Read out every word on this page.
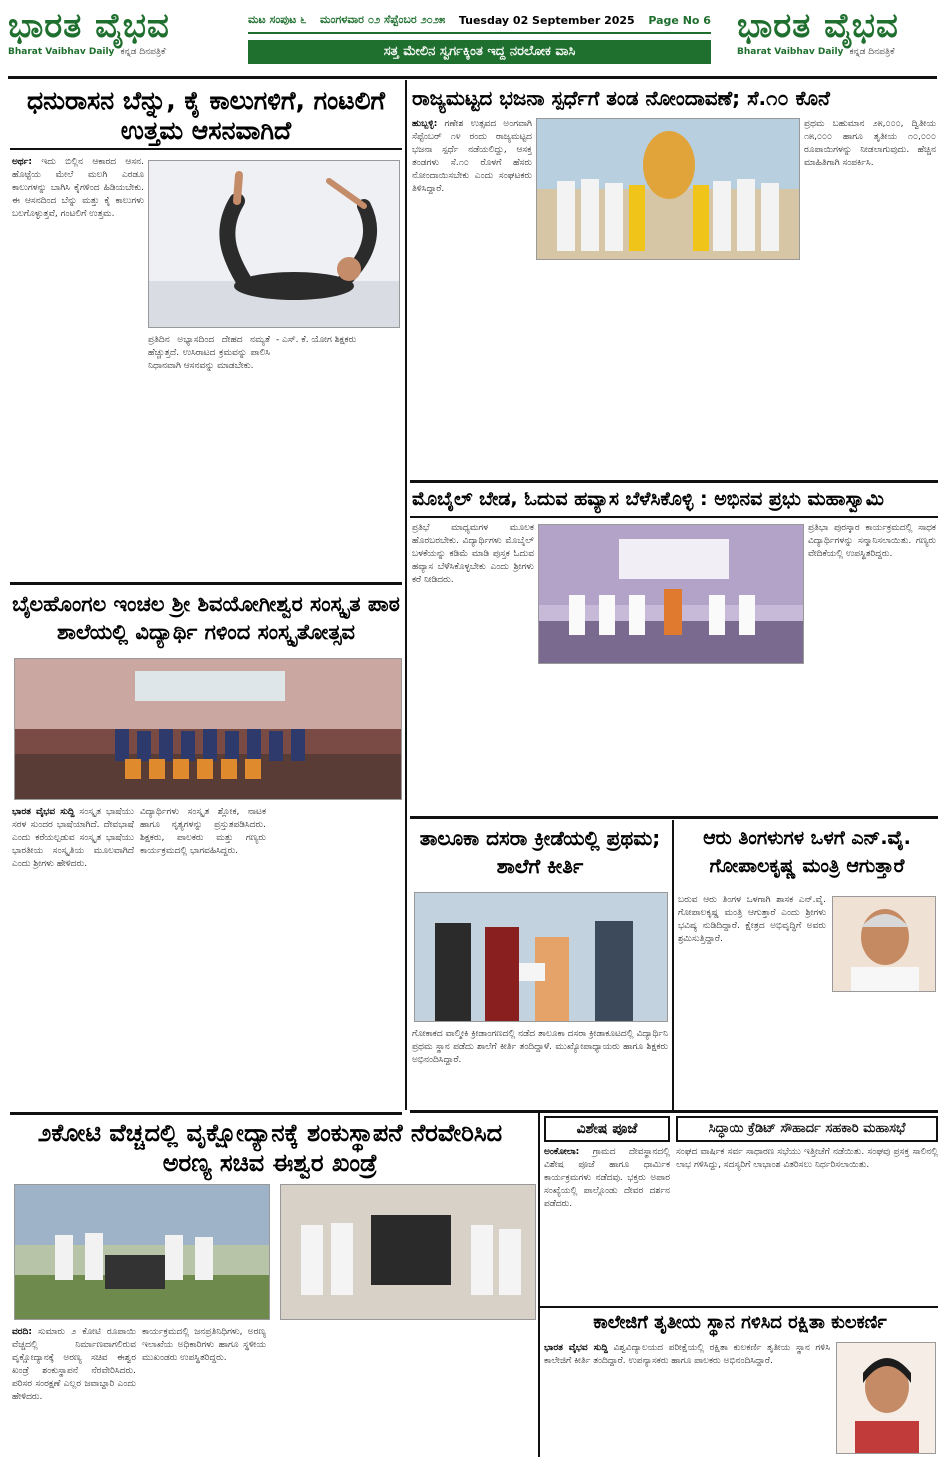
ಭಾರತ ವೈಭವ
Bharat Vaibhav Daily ಕನ್ನಡ ದಿನಪತ್ರಿಕೆ
ಮಟ ಸಂಪುಟ ೬ ಮಂಗಳವಾರ ೦೨ ಸೆಪ್ಟೆಂಬರ ೨೦೨೫ Tuesday 02 September 2025 Page No 6
ಸತ್ತ ಮೇಲಿನ ಸ್ವರ್ಗಕ್ಕಿಂತ ಇದ್ದ ನರಲೋಕ ವಾಸಿ
ಭಾರತ ವೈಭವ
Bharat Vaibhav Daily ಕನ್ನಡ ದಿನಪತ್ರಿಕೆ
ಧನುರಾಸನ ಬೆನ್ನು, ಕೈ ಕಾಲುಗಳಿಗೆ, ಗಂಟಲಿಗೆ ಉತ್ತಮ ಆಸನವಾಗಿದೆ
ಅರ್ಥ: ಇದು ಬಿಲ್ಲಿನ ಆಕಾರದ ಆಸನ. ಹೊಟ್ಟೆಯ ಮೇಲೆ ಮಲಗಿ ಎರಡೂ ಕಾಲುಗಳನ್ನು ಬಾಗಿಸಿ ಕೈಗಳಿಂದ ಹಿಡಿಯಬೇಕು. ಈ ಆಸನದಿಂದ ಬೆನ್ನು ಮತ್ತು ಕೈ ಕಾಲುಗಳು ಬಲಗೊಳ್ಳುತ್ತವೆ, ಗಂಟಲಿಗೆ ಉತ್ತಮ.
ಪ್ರತಿದಿನ ಅಭ್ಯಾಸದಿಂದ ದೇಹದ ನಮ್ಯತೆ ಹೆಚ್ಚುತ್ತದೆ. ಉಸಿರಾಟದ ಕ್ರಮವನ್ನು ಪಾಲಿಸಿ ನಿಧಾನವಾಗಿ ಆಸನವನ್ನು ಮಾಡಬೇಕು.
- ಎಸ್. ಕೆ. ಯೋಗ ಶಿಕ್ಷಕರು
ಬೈಲಹೊಂಗಲ ಇಂಚಲ ಶ್ರೀ ಶಿವಯೋಗೀಶ್ವರ ಸಂಸ್ಕೃತ ಪಾಠ ಶಾಲೆಯಲ್ಲಿ ವಿದ್ಯಾರ್ಥಿ ಗಳಿಂದ ಸಂಸ್ಕೃತೋತ್ಸವ
ಭಾರತ ವೈಭವ ಸುದ್ದಿ ಸಂಸ್ಕೃತ ಭಾಷೆಯು ಸರಳ ಸುಂದರ ಭಾಷೆಯಾಗಿದೆ. ದೇವಭಾಷೆ ಎಂದು ಕರೆಯಲ್ಪಡುವ ಸಂಸ್ಕೃತ ಭಾಷೆಯು ಭಾರತೀಯ ಸಂಸ್ಕೃತಿಯ ಮೂಲವಾಗಿದೆ ಎಂದು ಶ್ರೀಗಳು ಹೇಳಿದರು.
ವಿದ್ಯಾರ್ಥಿಗಳು ಸಂಸ್ಕೃತ ಶ್ಲೋಕ, ನಾಟಕ ಹಾಗೂ ನೃತ್ಯಗಳನ್ನು ಪ್ರಸ್ತುತಪಡಿಸಿದರು. ಶಿಕ್ಷಕರು, ಪಾಲಕರು ಮತ್ತು ಗಣ್ಯರು ಕಾರ್ಯಕ್ರಮದಲ್ಲಿ ಭಾಗವಹಿಸಿದ್ದರು.
೨ಕೋಟಿ ವೆಚ್ಚದಲ್ಲಿ ವೃಕ್ಷೋದ್ಯಾನಕ್ಕೆ ಶಂಕುಸ್ಥಾಪನೆ ನೆರವೇರಿಸಿದ ಅರಣ್ಯ ಸಚಿವ ಈಶ್ವರ ಖಂಡ್ರೆ
ವರದಿ: ಸುಮಾರು ೨ ಕೋಟಿ ರೂಪಾಯಿ ವೆಚ್ಚದಲ್ಲಿ ನಿರ್ಮಾಣವಾಗಲಿರುವ ವೃಕ್ಷೋದ್ಯಾನಕ್ಕೆ ಅರಣ್ಯ ಸಚಿವ ಈಶ್ವರ ಖಂಡ್ರೆ ಶಂಕುಸ್ಥಾಪನೆ ನೆರವೇರಿಸಿದರು. ಪರಿಸರ ಸಂರಕ್ಷಣೆ ಎಲ್ಲರ ಜವಾಬ್ದಾರಿ ಎಂದು ಹೇಳಿದರು.
ಕಾರ್ಯಕ್ರಮದಲ್ಲಿ ಜನಪ್ರತಿನಿಧಿಗಳು, ಅರಣ್ಯ ಇಲಾಖೆಯ ಅಧಿಕಾರಿಗಳು ಹಾಗೂ ಸ್ಥಳೀಯ ಮುಖಂಡರು ಉಪಸ್ಥಿತರಿದ್ದರು.
ರಾಜ್ಯಮಟ್ಟದ ಭಜನಾ ಸ್ಪರ್ಧೆಗೆ ತಂಡ ನೋಂದಾವಣೆ; ಸೆ.೧೦ ಕೊನೆ
ಹುಬ್ಬಳ್ಳಿ: ಗಣೇಶ ಉತ್ಸವದ ಅಂಗವಾಗಿ ಸೆಪ್ಟೆಂಬರ್ ೧೪ ರಂದು ರಾಜ್ಯಮಟ್ಟದ ಭಜನಾ ಸ್ಪರ್ಧೆ ನಡೆಯಲಿದ್ದು, ಆಸಕ್ತ ತಂಡಗಳು ಸೆ.೧೦ ರೊಳಗೆ ಹೆಸರು ನೋಂದಾಯಿಸಬೇಕು ಎಂದು ಸಂಘಟಕರು ತಿಳಿಸಿದ್ದಾರೆ.
ಪ್ರಥಮ ಬಹುಮಾನ ೨೫,೦೦೦, ದ್ವಿತೀಯ ೧೫,೦೦೦ ಹಾಗೂ ತೃತೀಯ ೧೦,೦೦೦ ರೂಪಾಯಿಗಳನ್ನು ನೀಡಲಾಗುವುದು. ಹೆಚ್ಚಿನ ಮಾಹಿತಿಗಾಗಿ ಸಂಪರ್ಕಿಸಿ.
ಮೊಬೈಲ್ ಬೇಡ, ಓದುವ ಹವ್ಯಾಸ ಬೆಳೆಸಿಕೊಳ್ಳಿ : ಅಭಿನವ ಪ್ರಭು ಮಹಾಸ್ವಾಮಿ
ಪ್ರತಿಭೆ ಮಾಧ್ಯಮಗಳ ಮೂಲಕ ಹೊರಬರಬೇಕು. ವಿದ್ಯಾರ್ಥಿಗಳು ಮೊಬೈಲ್ ಬಳಕೆಯನ್ನು ಕಡಿಮೆ ಮಾಡಿ ಪುಸ್ತಕ ಓದುವ ಹವ್ಯಾಸ ಬೆಳೆಸಿಕೊಳ್ಳಬೇಕು ಎಂದು ಶ್ರೀಗಳು ಕರೆ ನೀಡಿದರು.
ಪ್ರತಿಭಾ ಪುರಸ್ಕಾರ ಕಾರ್ಯಕ್ರಮದಲ್ಲಿ ಸಾಧಕ ವಿದ್ಯಾರ್ಥಿಗಳನ್ನು ಸನ್ಮಾನಿಸಲಾಯಿತು. ಗಣ್ಯರು ವೇದಿಕೆಯಲ್ಲಿ ಉಪಸ್ಥಿತರಿದ್ದರು.
ತಾಲೂಕಾ ದಸರಾ ಕ್ರೀಡೆಯಲ್ಲಿ ಪ್ರಥಮ; ಶಾಲೆಗೆ ಕೀರ್ತಿ
ಗೋಕಾಕದ ವಾಲ್ಮೀಕಿ ಕ್ರೀಡಾಂಗಣದಲ್ಲಿ ನಡೆದ ತಾಲೂಕಾ ದಸರಾ ಕ್ರೀಡಾಕೂಟದಲ್ಲಿ ವಿದ್ಯಾರ್ಥಿನಿ ಪ್ರಥಮ ಸ್ಥಾನ ಪಡೆದು ಶಾಲೆಗೆ ಕೀರ್ತಿ ತಂದಿದ್ದಾಳೆ. ಮುಖ್ಯೋಪಾಧ್ಯಾಯರು ಹಾಗೂ ಶಿಕ್ಷಕರು ಅಭಿನಂದಿಸಿದ್ದಾರೆ.
ಆರು ತಿಂಗಳುಗಳ ಒಳಗೆ ಎನ್.ವೈ. ಗೋಪಾಲಕೃಷ್ಣ ಮಂತ್ರಿ ಆಗುತ್ತಾರೆ
ಬರುವ ಆರು ತಿಂಗಳ ಒಳಗಾಗಿ ಶಾಸಕ ಎನ್.ವೈ. ಗೋಪಾಲಕೃಷ್ಣ ಮಂತ್ರಿ ಆಗುತ್ತಾರೆ ಎಂದು ಶ್ರೀಗಳು ಭವಿಷ್ಯ ನುಡಿದಿದ್ದಾರೆ. ಕ್ಷೇತ್ರದ ಅಭಿವೃದ್ಧಿಗೆ ಅವರು ಶ್ರಮಿಸುತ್ತಿದ್ದಾರೆ.
ವಿಶೇಷ ಪೂಜೆ
ಅಂಕೋಲಾ: ಗ್ರಾಮದ ದೇವಸ್ಥಾನದಲ್ಲಿ ವಿಶೇಷ ಪೂಜೆ ಹಾಗೂ ಧಾರ್ಮಿಕ ಕಾರ್ಯಕ್ರಮಗಳು ನಡೆದವು. ಭಕ್ತರು ಅಪಾರ ಸಂಖ್ಯೆಯಲ್ಲಿ ಪಾಲ್ಗೊಂಡು ದೇವರ ದರ್ಶನ ಪಡೆದರು.
ಸಿದ್ಧಾಯಿ ಕ್ರೆಡಿಟ್ ಸೌಹಾರ್ದ ಸಹಕಾರಿ ಮಹಾಸಭೆ
ಸಂಘದ ವಾರ್ಷಿಕ ಸರ್ವ ಸಾಧಾರಣ ಸಭೆಯು ಇತ್ತೀಚೆಗೆ ನಡೆಯಿತು. ಸಂಘವು ಪ್ರಸಕ್ತ ಸಾಲಿನಲ್ಲಿ ಲಾಭ ಗಳಿಸಿದ್ದು, ಸದಸ್ಯರಿಗೆ ಲಾಭಾಂಶ ವಿತರಿಸಲು ನಿರ್ಧರಿಸಲಾಯಿತು.
ಕಾಲೇಜಿಗೆ ತೃತೀಯ ಸ್ಥಾನ ಗಳಿಸಿದ ರಕ್ಷಿತಾ ಕುಲಕರ್ಣಿ
ಭಾರತ ವೈಭವ ಸುದ್ದಿ ವಿಶ್ವವಿದ್ಯಾಲಯದ ಪರೀಕ್ಷೆಯಲ್ಲಿ ರಕ್ಷಿತಾ ಕುಲಕರ್ಣಿ ತೃತೀಯ ಸ್ಥಾನ ಗಳಿಸಿ ಕಾಲೇಜಿಗೆ ಕೀರ್ತಿ ತಂದಿದ್ದಾರೆ. ಉಪನ್ಯಾಸಕರು ಹಾಗೂ ಪಾಲಕರು ಅಭಿನಂದಿಸಿದ್ದಾರೆ.
